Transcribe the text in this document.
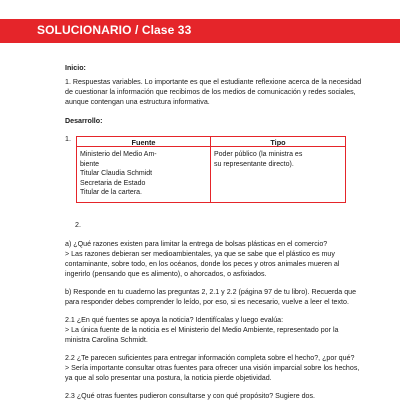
SOLUCIONARIO / Clase 33
Inicio:
1. Respuestas variables. Lo importante es que el estudiante reflexione acerca de la necesidad
de cuestionar la información que recibimos de los medios de comunicación y redes sociales,
aunque contengan una estructura informativa.
Desarrollo:
1.	Fuente	Tipo
Ministerio del Medio Am-
biente
Titular Claudia Schmidt
Secretaria de Estado
Titular de la cartera.
Poder público (la ministra es
su representante directo).
2.
a) ¿Qué razones existen para limitar la entrega de bolsas plásticas en el comercio?
> Las razones debieran ser medioambientales, ya que se sabe que el plástico es muy
contaminante, sobre todo, en los océanos, donde los peces y otros animales mueren al
ingerirlo (pensando que es alimento), o ahorcados, o asfixiados.
b) Responde en tu cuaderno las preguntas 2, 2.1 y 2.2 (página 97 de tu libro). Recuerda que
para responder debes comprender lo leído, por eso, si es necesario, vuelve a leer el texto.
2.1 ¿En qué fuentes se apoya la noticia? Identifícalas y luego evalúa:
> La única fuente de la noticia es el Ministerio del Medio Ambiente, representado por la
ministra Carolina Schmidt.
2.2 ¿Te parecen suficientes para entregar información completa sobre el hecho?, ¿por qué?
> Sería importante consultar otras fuentes para ofrecer una visión imparcial sobre los hechos,
ya que al solo presentar una postura, la noticia pierde objetividad.
2.3 ¿Qué otras fuentes pudieron consultarse y con qué propósito? Sugiere dos.
